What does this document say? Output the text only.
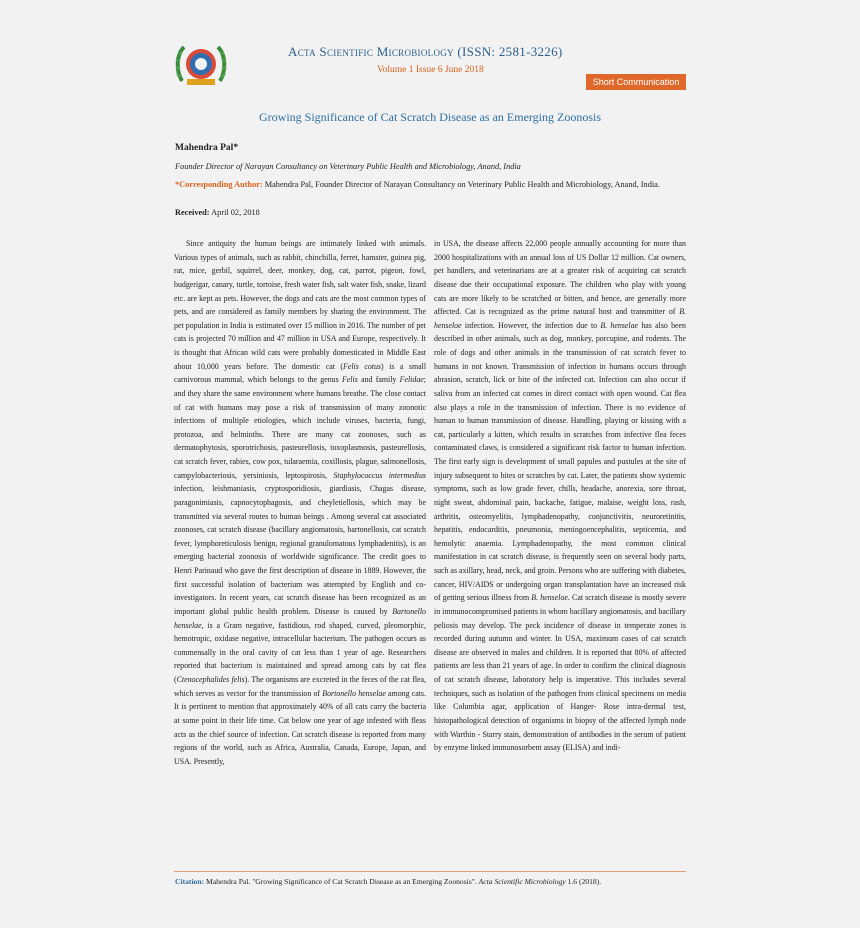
Acta Scientific Microbiology (ISSN: 2581-3226)
Volume 1 Issue 6 June 2018
Short Communication
Growing Significance of Cat Scratch Disease as an Emerging Zoonosis
Mahendra Pal*
Founder Director of Narayan Consultancy on Veterinary Public Health and Microbiology, Anand, India
*Corresponding Author: Mahendra Pal, Founder Director of Narayan Consultancy on Veterinary Public Health and Microbiology, Anand, India.
Received: April 02, 2018

Since antiquity the human beings are intimately linked with animals. Various types of animals, such as rabbit, chinchilla, ferret, hamster, guinea pig, rat, mice, gerbil, squirrel, deer, monkey, dog, cat, parrot, pigeon, fowl, budgerigar, canary, turtle, tortoise, fresh water fish, salt water fish, snake, lizard etc. are kept as pets. However, the dogs and cats are the most common types of pets, and are considered as family members by sharing the environment. The pet population in India is estimated over 15 million in 2016. The number of pet cats is projected 70 million and 47 million in USA and Europe, respectively. It is thought that African wild cats were probably domesticated in Middle East about 10,000 years before. The domestic cat (Felis cotus) is a small carnivorous mammal, which belongs to the genus Felis and family Felidae; and they share the same environment where humans breathe. The close contact of cat with humans may pose a risk of transmission of many zoonotic infections of multiple etiologies, which include viruses, bacteria, fungi, protozoa, and helminths. There are many cat zoonoses, such as dermatophytosis, sporotrichosis, pasteurellosis, toxoplasmosis, pasteurellosis, cat scratch fever, rabies, cow pox, tularaemia, coxillosis, plague, salmonellosis, campylobacteriosis, yersiniosis, leptospirosis, Staphylococcus intermedius infection, leishmaniasis, cryptosporidiosis, giardiasis, Chagas disease, paragonimiasis, capnocytophagosis, and cheyletiellosis, which may be transmitted via several routes to human beings . Among several cat associated zoonoses, cat scratch disease (bacillary angiomatosis, bartonellosis, cat scratch fever, lymphoreticulosis benign, regional granulomatous lymphadenitis), is an emerging bacterial zoonosis of worldwide significance. The credit goes to Henri Parinaud who gave the first description of disease in 1889. However, the first successful isolation of bacterium was attempted by English and co-investigators. In recent years, cat scratch disease has been recognized as an important global public health problem. Disease is caused by Bartonello henselae, is a Gram negative, fastidious, rod shaped, curved, pleomorphic, hemotropic, oxidase negative, intracellular bacterium. The pathogen occurs as commensally in the oral cavity of cat less than 1 year of age. Researchers reported that bacterium is maintained and spread among cats by cat flea (Ctenocephalides felis). The organisms are excreted in the feces of the cat flea, which serves as vector for the transmission of Bortonello henselae among cats. It is pertinent to mention that approximately 40% of all cats carry the bacteria at some point in their life time. Cat below one year of age infested with fleas acts as the chief source of infection. Cat scratch disease is reported from many regions of the world, such as Africa, Australia, Canada, Europe, Japan, and USA. Presently,

in USA, the disease affects 22,000 people annually accounting for more than 2000 hospitalizations with an annual loss of US Dollar 12 million. Cat owners, pet handlers, and veterinarians are at a greater risk of acquiring cat scratch disease due their occupational exposure. The children who play with young cats are more likely to be scratched or bitten, and hence, are generally more affected. Cat is recognized as the prime natural host and transmitter of B. henseloe infection. However, the infection due to B. henselae has also been described in other animals, such as dog, monkey, porcupine, and rodents. The role of dogs and other animals in the transmission of cat scratch fever to humans in not known. Transmission of infection in humans occurs through abrasion, scratch, lick or bite of the infected cat. Infection can also occur if saliva from an infected cat comes in direct contact with open wound. Cat flea also plays a role in the transmission of infection. There is no evidence of human to human transmission of disease. Handling, playing or kissing with a cat, particularly a kitten, which results in scratches from infective flea feces contaminated claws, is considered a significant risk factor to human infection. The first early sign is development of small papules and pustules at the site of injury subsequent to bites or scratches by cat. Later, the patients show systemic symptoms, such as low grade fever, chills, headache, anorexia, sore throat, night sweat, abdominal pain, backache, fatigue, malaise, weight loss, rash, arthritis, osteomyelitis, lymphadenopathy, conjunctivitis, neuroretinitis, hepatitis, endocarditis, pneumonia, meningoencephalitis, septicemia, and hemolytic anaemia. Lymphadenopathy, the most common clinical manifestation in cat scratch disease, is frequently seen on several body parts, such as axillary, head, neck, and groin. Persons who are suffering with diabetes, cancer, HIV/AIDS or undergoing organ transplantation have an increased risk of getting serious illness from B. henseloe. Cat scratch disease is mostly severe in immunocompromised patients in whom bacillary angiomatosis, and bacillary peliosis may develop. The peck incidence of disease in temperate zones is recorded during autumn and winter. In USA, maximum cases of cat scratch disease are observed in males and children. It is reported that 80% of affected patients are less than 21 years of age. In order to confirm the clinical diagnosis of cat scratch disease, laboratory help is imperative. This includes several techniques, such as isolation of the pathogen from clinical specimens on media like Columbia agar, application of Hanger- Rose intra-dermal test, histopathological detection of organisms in biopsy of the affected lymph node with Warthin - Starry stain, demonstration of antibodies in the serum of patient by enzyme linked immunosorbent assay (ELISA) and indi-

Citation: Mahendra Pal. "Growing Significance of Cat Scratch Disease as an Emerging Zoonosis". Acta Scientific Microbiology 1.6 (2018).
